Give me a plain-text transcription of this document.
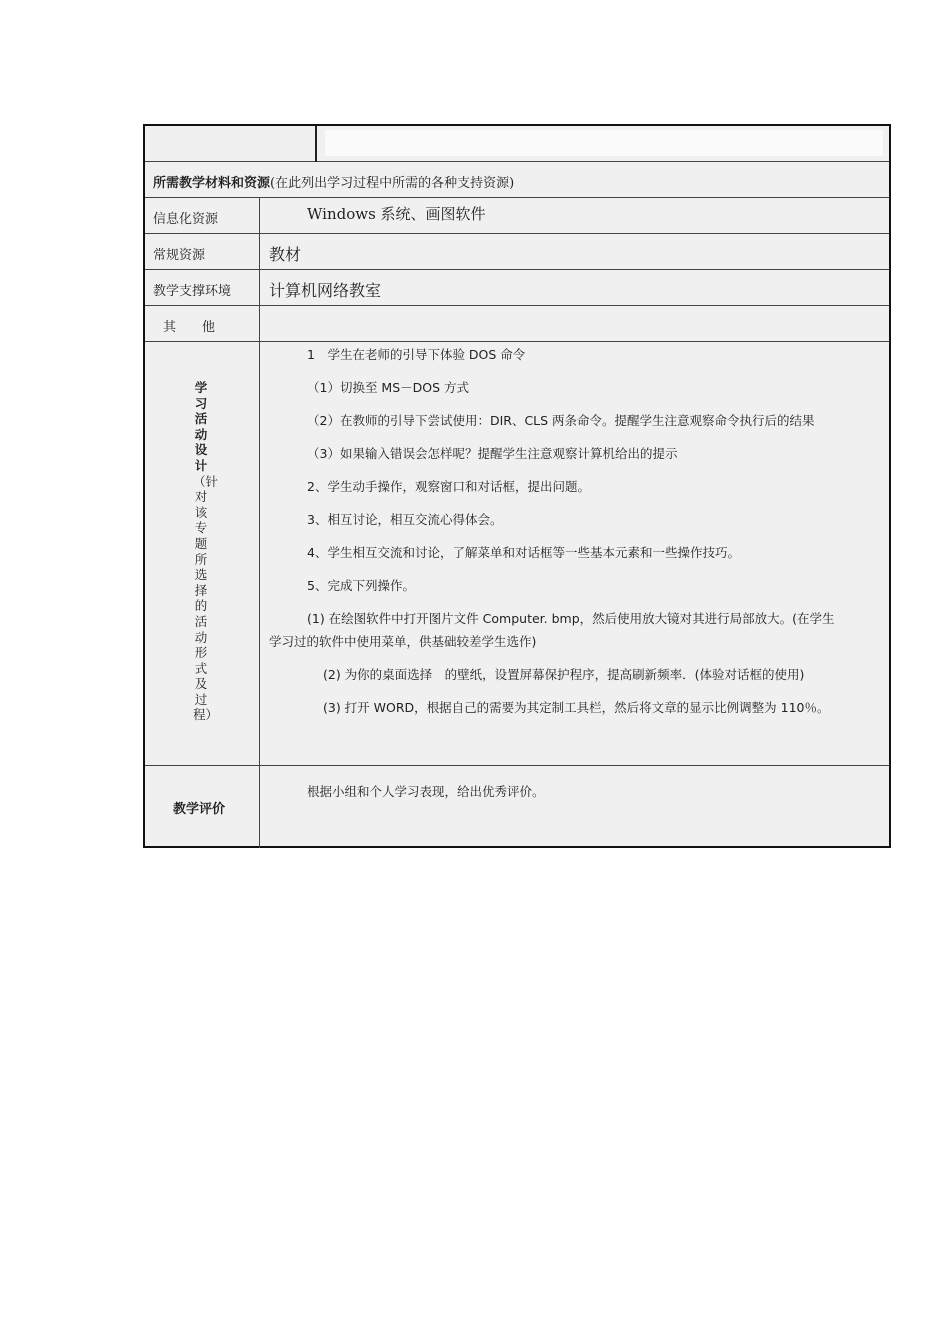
所需教学材料和资源(在此列出学习过程中所需的各种支持资源)
信息化资源	Windows 系统、画图软件
常规资源	教材
教学支撑环境 计算机网络教室
其　　他
学习活动设计（针对该专题所选择的活动形式及过程）
1　学生在老师的引导下体验 DOS 命令
（1）切换至 MS－DOS 方式
（2）在教师的引导下尝试使用：DIR、CLS 两条命令。提醒学生注意观察命令执行后的结果
（3）如果输入错误会怎样呢？提醒学生注意观察计算机给出的提示
2、学生动手操作，观察窗口和对话框，提出问题。
3、相互讨论，相互交流心得体会。
4、学生相互交流和讨论，了解菜单和对话框等一些基本元素和一些操作技巧。
5、完成下列操作。
(1) 在绘图软件中打开图片文件 Computer. bmp，然后使用放大镜对其进行局部放大。(在学生
学习过的软件中使用菜单，供基础较差学生选作)
(2) 为你的桌面选择　的壁纸，设置屏幕保护程序，提高刷新频率．(体验对话框的使用)
(3) 打开 WORD，根据自己的需要为其定制工具栏，然后将文章的显示比例调整为 110％。
教学评价
根据小组和个人学习表现，给出优秀评价。
